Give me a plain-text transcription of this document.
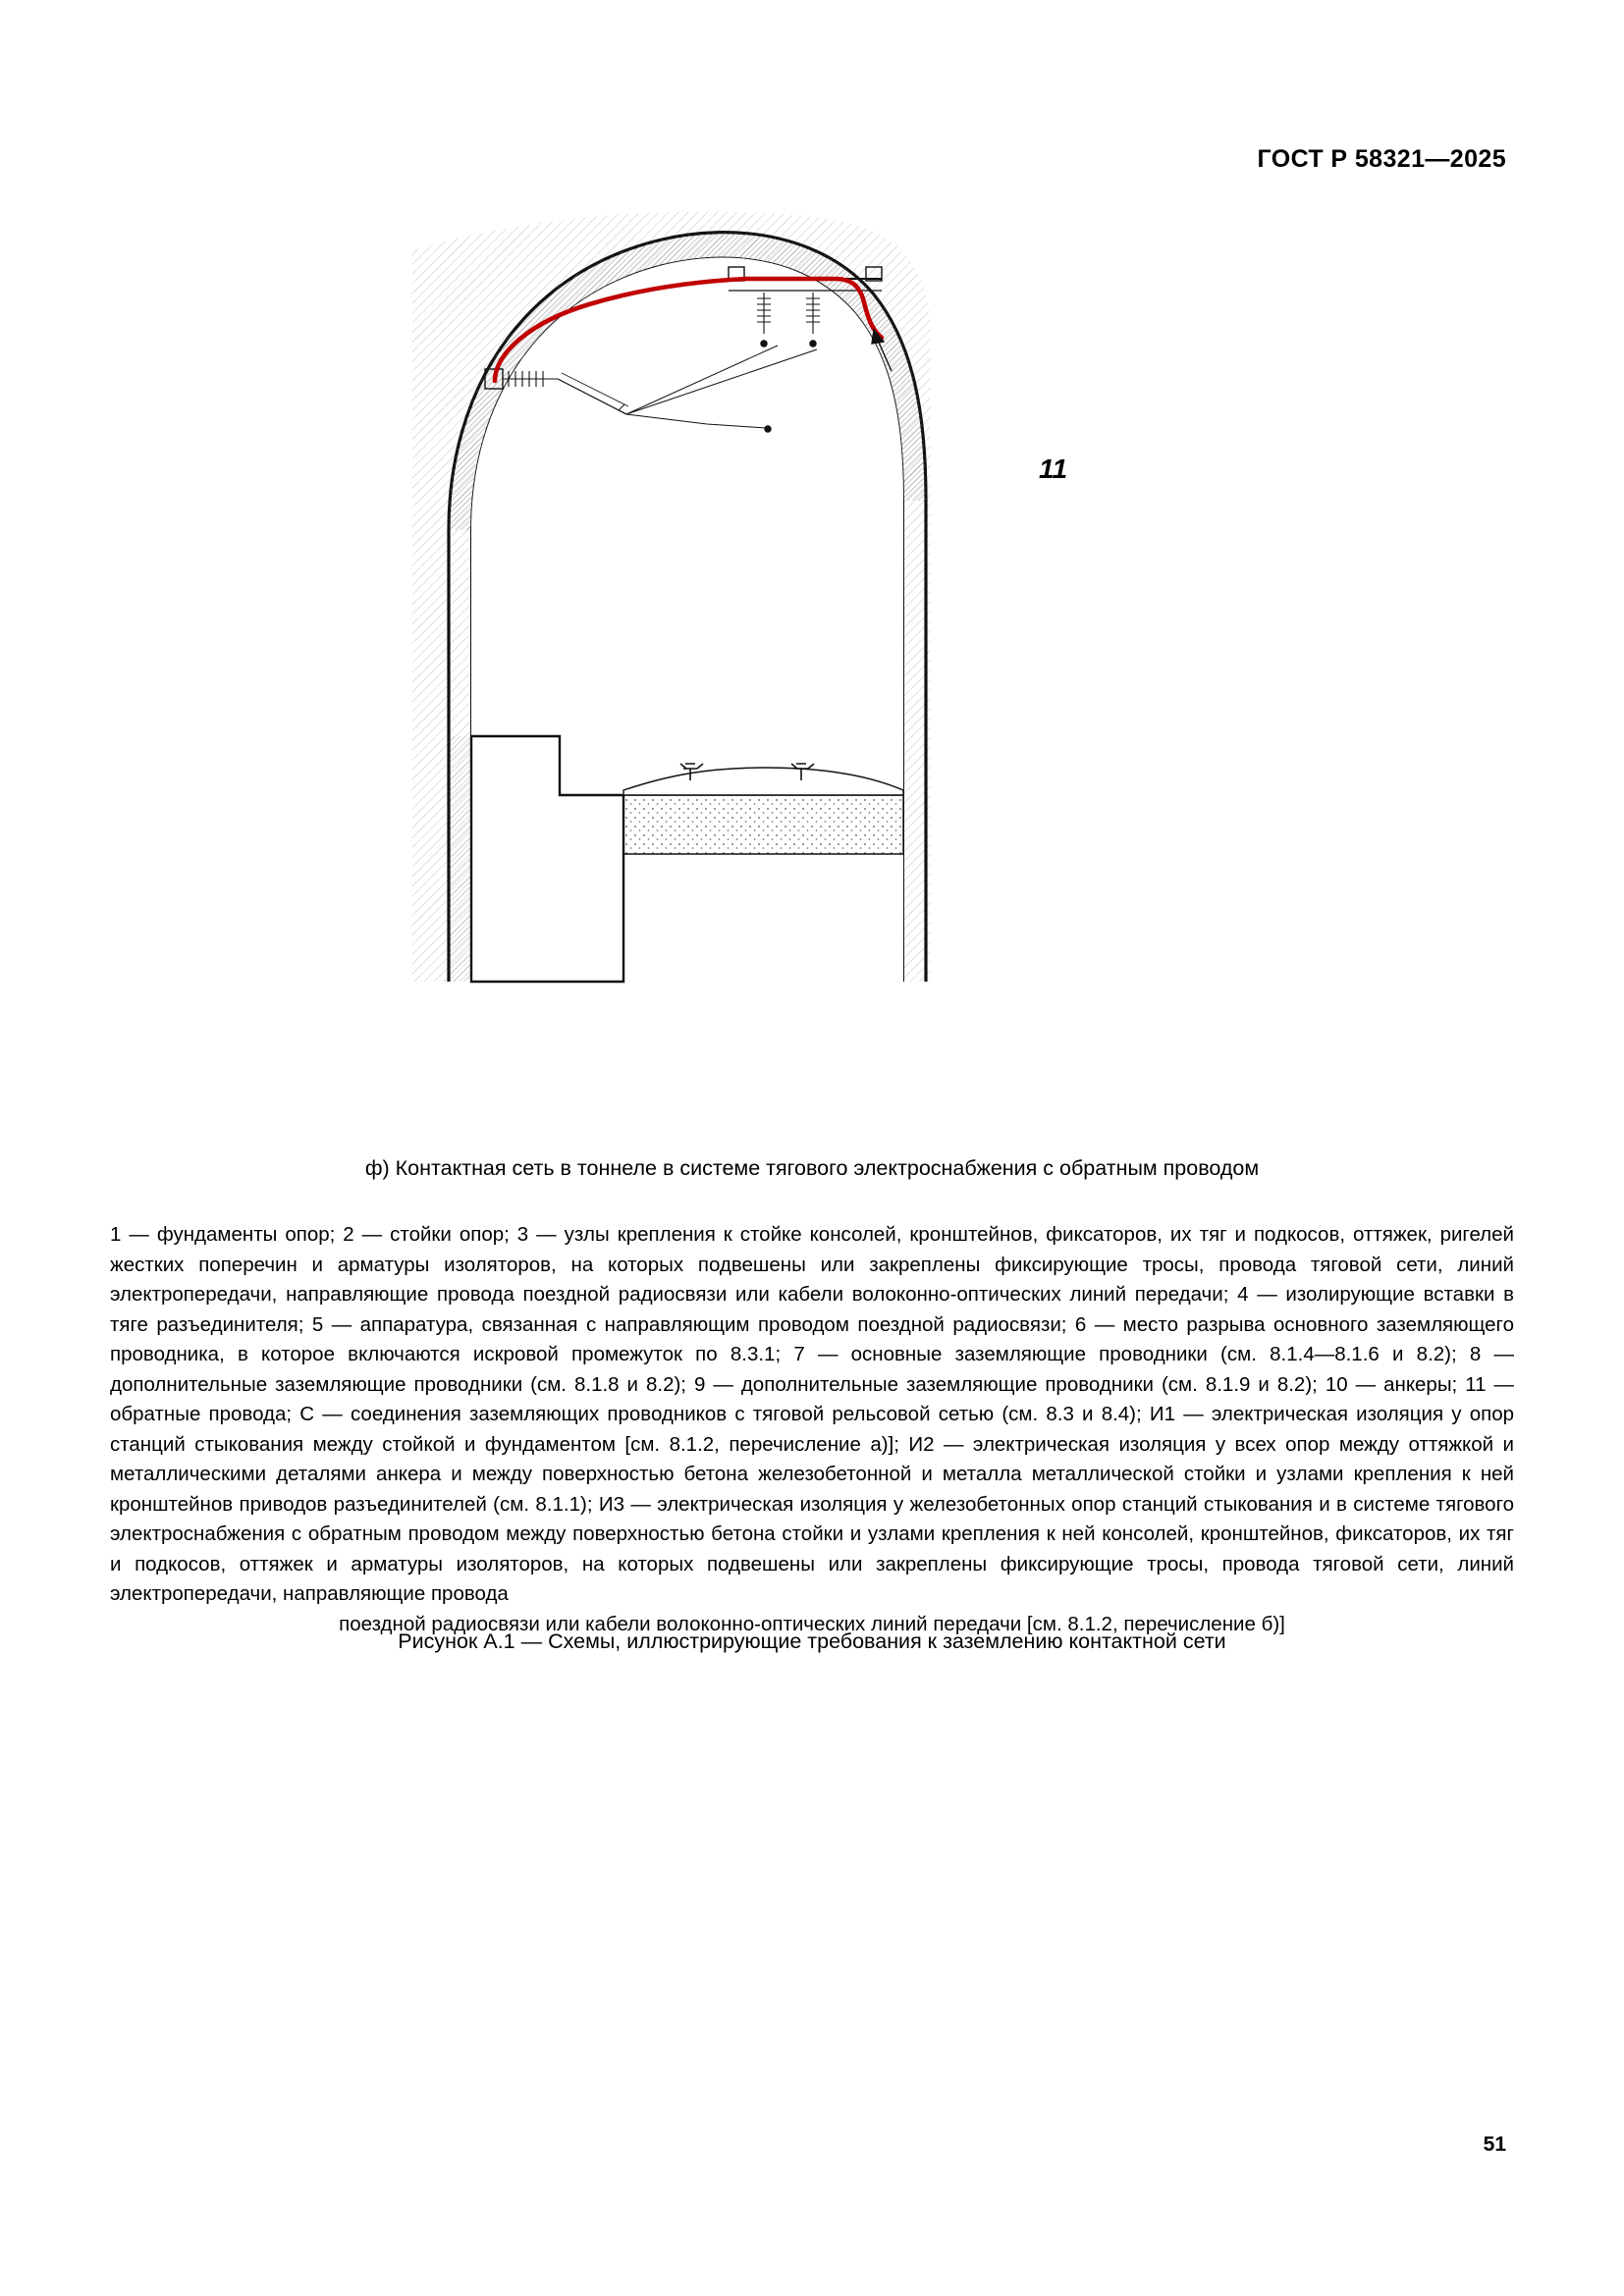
ГОСТ Р 58321—2025
11
ф) Контактная сеть в тоннеле в системе тягового электроснабжения с обратным проводом
1 — фундаменты опор; 2 — стойки опор; 3 — узлы крепления к стойке консолей, кронштейнов, фиксаторов, их тяг и подкосов, оттяжек, ригелей жестких поперечин и арматуры изоляторов, на которых подвешены или закреплены фиксирующие тросы, провода тяговой сети, линий электропередачи, направляющие провода поездной радиосвязи или кабели волоконно-оптических линий передачи; 4 — изолирующие вставки в тяге разъединителя; 5 — аппаратура, связанная с направляющим проводом поездной радиосвязи; 6 — место разрыва основного заземляющего проводника, в которое включаются искровой промежуток по 8.3.1; 7 — основные заземляющие проводники (см. 8.1.4—8.1.6 и 8.2); 8 — дополнительные заземляющие проводники (см. 8.1.8 и 8.2); 9 — дополнительные заземляющие проводники (см. 8.1.9 и 8.2); 10 — анкеры; 11 — обратные провода; С — соединения заземляющих проводников с тяговой рельсовой сетью (см. 8.3 и 8.4); И1 — электрическая изоляция у опор станций стыкования между стойкой и фундаментом [см. 8.1.2, перечисление а)]; И2 — электрическая изоляция у всех опор между оттяжкой и металлическими деталями анкера и между поверхностью бетона железобетонной и металла металлической стойки и узлами крепления к ней кронштейнов приводов разъединителей (см. 8.1.1); И3 — электрическая изоляция у железобетонных опор станций стыкования и в системе тягового электроснабжения с обратным проводом между поверхностью бетона стойки и узлами крепления к ней консолей, кронштейнов, фиксаторов, их тяг и подкосов, оттяжек и арматуры изоляторов, на которых подвешены или закреплены фиксирующие тросы, провода тяговой сети, линий электропередачи, направляющие провода
поездной радиосвязи или кабели волоконно-оптических линий передачи [см. 8.1.2, перечисление б)]
Рисунок А.1 — Схемы, иллюстрирующие требования к заземлению контактной сети
51
